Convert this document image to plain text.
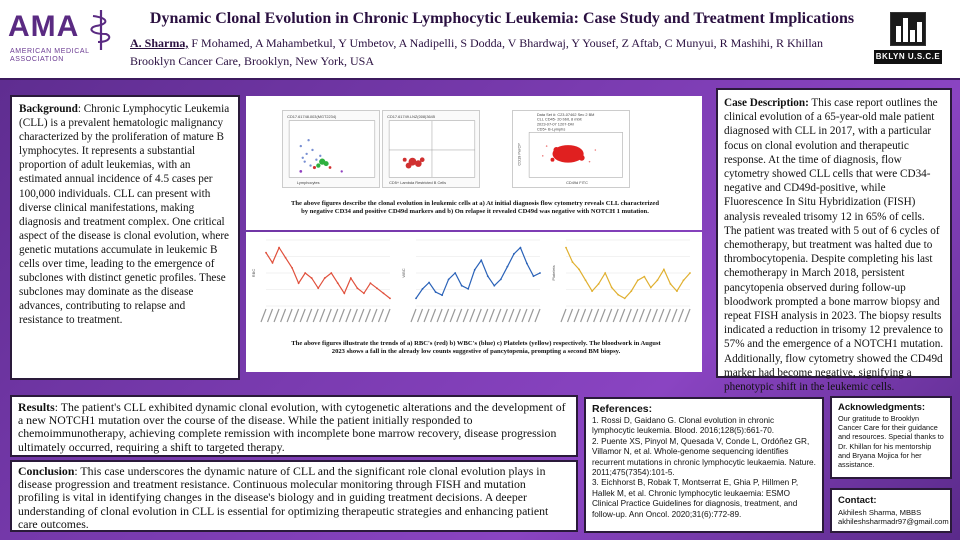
AMA
AMERICAN MEDICAL ASSOCIATION
Dynamic Clonal Evolution in Chronic Lymphocytic Leukemia: Case Study and Treatment Implications
A. Sharma, F Mohamed, A Mahambetkul, Y Umbetov, A Nadipelli, S Dodda, V Bhardwaj, Y Yousef, Z Aftab, C Munyui, R Mashihi, R Khillan
Brooklyn Cancer Care, Brooklyn, New York, USA	BKLYN U.S.C.E
Background: Chronic Lymphocytic Leukemia (CLL) is a prevalent hematologic malignancy characterized by the proliferation of mature B lymphocytes. It represents a substantial proportion of adult leukemias, with an estimated annual incidence of 4.5 cases per 100,000 individuals. CLL can present with diverse clinical manifestations, making diagnosis and treatment complex. One critical aspect of the disease is clonal evolution, where genetic mutations accumulate in leukemic B cells over time, leading to the emergence of subclones with distinct genetic profiles. These subclones may dominate as the disease advances, contributing to relapse and resistance to treatment.
CD17.61748.003(MGT2234)
Lymphocytes
CD17.61749.LNZ(008)3645
CD5+ Lambda Restricted B Cells
Data Set #: C23-07462 Sec 2 BM
CLL CD45- 20 bbit, 8 mbit
2023-07-07 1207-DM
CD5+ B-Lymphs
CD19 PerCP
CD49d FITC
The above figures describe the clonal evolution in leukemic cells at a) At initial diagnosis flow cytometry reveals CLL characterized by negative CD34 and positive CD49d markers and b) On relapse it revealed CD49d was negative with NOTCH 1 mutation.
RBC	WBC	Platelets
The above figures illustrate the trends of a) RBC's (red) b) WBC's (blue) c) Platelets (yellow) respectively. The bloodwork in August 2023 shows a fall in the already low counts suggestive of pancytopenia, prompting a second BM biopsy.
Case Description: This case report outlines the clinical evolution of a 65-year-old male patient diagnosed with CLL in 2017, with a particular focus on clonal evolution and therapeutic response. At the time of diagnosis, flow cytometry showed CLL cells that were CD34-negative and CD49d-positive, while Fluorescence In Situ Hybridization (FISH) analysis revealed trisomy 12 in 65% of cells. The patient was treated with 5 out of 6 cycles of chemotherapy, but treatment was halted due to thrombocytopenia. Despite completing his last chemotherapy in March 2018, persistent pancytopenia observed during follow-up bloodwork prompted a bone marrow biopsy and repeat FISH analysis in 2023. The biopsy results indicated a reduction in trisomy 12 prevalence to 57% and the emergence of a NOTCH1 mutation. Additionally, flow cytometry showed the CD49d marker had become negative, signifying a phenotypic shift in the leukemic cells.
Results: The patient's CLL exhibited dynamic clonal evolution, with cytogenetic alterations and the development of a new NOTCH1 mutation over the course of the disease. While the patient initially responded to chemoimmunotherapy, achieving complete remission with incomplete bone marrow recovery, disease progression ultimately occurred, requiring a shift to targeted therapy.
Conclusion: This case underscores the dynamic nature of CLL and the significant role clonal evolution plays in disease progression and treatment resistance. Continuous molecular monitoring through FISH and mutation profiling is vital in identifying changes in the disease's biology and in guiding treatment decisions. A deeper understanding of clonal evolution in CLL is essential for optimizing therapeutic strategies and enhancing patient care outcomes.
References:
1. Rossi D, Gaidano G. Clonal evolution in chronic lymphocytic leukemia. Blood. 2016;128(5):661-70.
2. Puente XS, Pinyol M, Quesada V, Conde L, Ordóñez GR, Villamor N, et al. Whole-genome sequencing identifies recurrent mutations in chronic lymphocytic leukaemia. Nature. 2011;475(7354):101-5.
3. Eichhorst B, Robak T, Montserrat E, Ghia P, Hillmen P, Hallek M, et al. Chronic lymphocytic leukaemia: ESMO Clinical Practice Guidelines for diagnosis, treatment, and follow-up. Ann Oncol. 2020;31(6):772-89.
Acknowledgments:
Our gratitude to Brooklyn Cancer Care for their guidance and resources. Special thanks to Dr. Khillan for his mentorship and Bryana Mojica for her assistance.
Contact:
Akhilesh Sharma, MBBS
akhileshsharmadr97@gmail.com
